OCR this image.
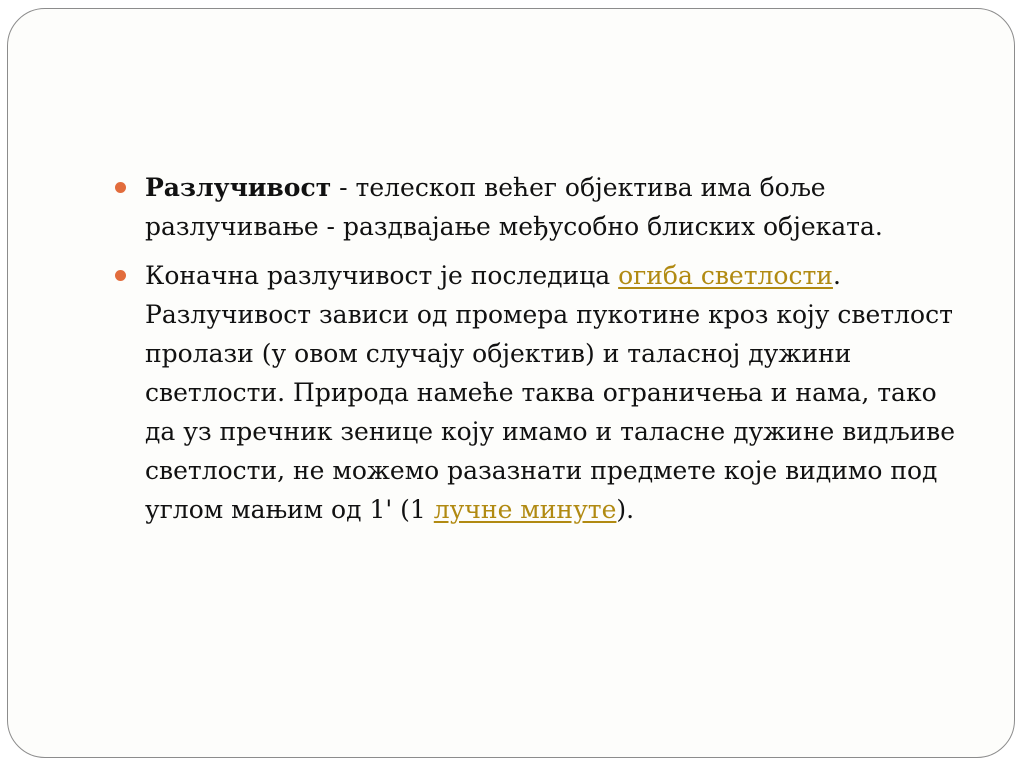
Разлучивост - телескоп већег објектива има боље разлучивање - раздвајање међусобно блиских објеката.
Коначна разлучивост је последица огиба светлости. Разлучивост зависи од промера пукотине кроз коју светлост пролази (у овом случају објектив) и таласној дужини светлости. Природа намеће таква ограничења и нама, тако да уз пречник зенице коју имамо и таласне дужине видљиве светлости, не можемо разазнати предмете које видимо под углом мањим од 1' (1 лучне минуте).
